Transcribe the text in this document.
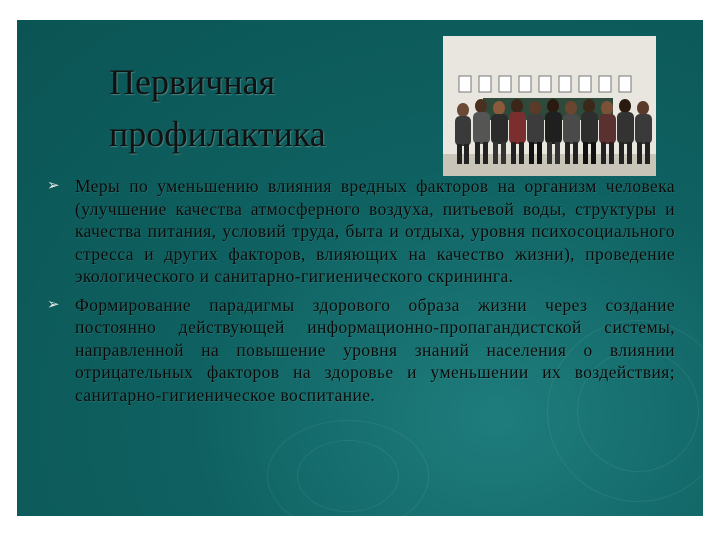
Первичная профилактика
➢ Меры по уменьшению влияния вредных факторов на организм человека (улучшение качества атмосферного воздуха, питьевой воды, структуры и качества питания, условий труда, быта и отдыха, уровня психосоциального стресса и других факторов, влияющих на качество жизни), проведение экологического и санитарно-гигиенического скрининга.
➢ Формирование парадигмы здорового образа жизни через создание постоянно действующей информационно-пропагандистской системы, направленной на повышение уровня знаний населения о влиянии отрицательных факторов на здоровье и уменьшении их воздействия; санитарно-гигиеническое воспитание.
